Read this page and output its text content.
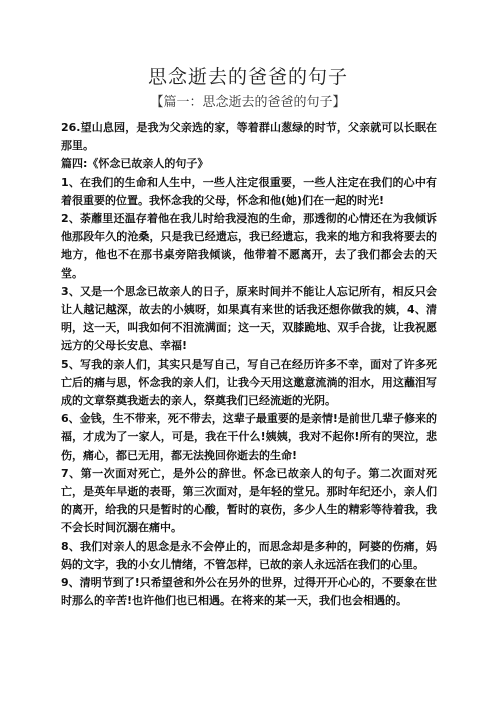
思念逝去的爸爸的句子
【篇一：思念逝去的爸爸的句子】

26.望山息园，是我为父亲选的家，等着群山葱绿的时节，父亲就可以长眠在那里。

篇四:《怀念已故亲人的句子》

1、在我们的生命和人生中，一些人注定很重要，一些人注定在我们的心中有着很重要的位置。我怀念我的父母，怀念和他(她)们在一起的时光!

2、荼蘼里还温存着他在我儿时给我浸泡的生命，那透彻的心情还在为我倾诉他那段年久的沧桑，只是我已经遗忘，我已经遗忘，我来的地方和我将要去的地方，他也不在那书桌旁陪我倾谈，他带着不愿离开，去了我们都会去的天堂。

3、又是一个思念已故亲人的日子，原来时间并不能让人忘记所有，相反只会让人越记越深，故去的小姨呀，如果真有来世的话我还想你做我的姨，4、清明，这一天，叫我如何不泪流满面；这一天，双膝跪地、双手合拢，让我祝愿远方的父母长安息、幸福!

5、写我的亲人们，其实只是写自己，写自己在经历许多不幸，面对了许多死亡后的痛与思，怀念我的亲人们，让我今天用这邀意流淌的泪水，用这蘸泪写成的文章祭奠我逝去的亲人，祭奠我们已经流逝的光阴。

6、金钱，生不带来，死不带去，这辈子最重要的是亲情!是前世几辈子修来的福，才成为了一家人，可是，我在干什么!姨姨，我对不起你!所有的哭泣，悲伤，痛心，都已无用，都无法挽回你逝去的生命!

7、第一次面对死亡，是外公的辞世。怀念已故亲人的句子。第二次面对死亡，是英年早逝的表哥，第三次面对，是年轻的堂兄。那时年纪还小，亲人们的离开，给我的只是暂时的心酸，暂时的哀伤，多少人生的精彩等待着我，我不会长时间沉溺在痛中。

8、我们对亲人的思念是永不会停止的，而思念却是多种的，阿婆的伤痛，妈妈的文字，我的小女儿情绪，不管怎样，已故的亲人永远活在我们的心里。

9、清明节到了!只希望爸和外公在另外的世界，过得开开心心的，不要象在世时那么的辛苦!也许他们也已相遇。在将来的某一天，我们也会相遇的。
